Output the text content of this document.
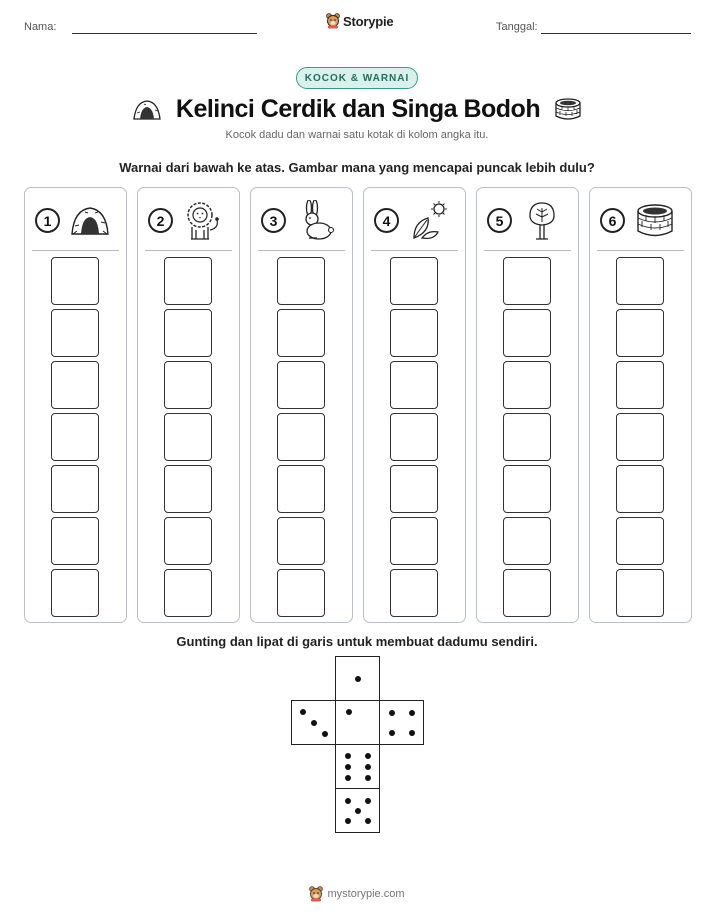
Nama:	Storypie	Tanggal:
KOCOK & WARNAI
Kelinci Cerdik dan Singa Bodoh
Kocok dadu dan warnai satu kotak di kolom angka itu.
Warnai dari bawah ke atas. Gambar mana yang mencapai puncak lebih dulu?
1	2	3	4	5	6
Gunting dan lipat di garis untuk membuat dadumu sendiri.
mystorypie.com
